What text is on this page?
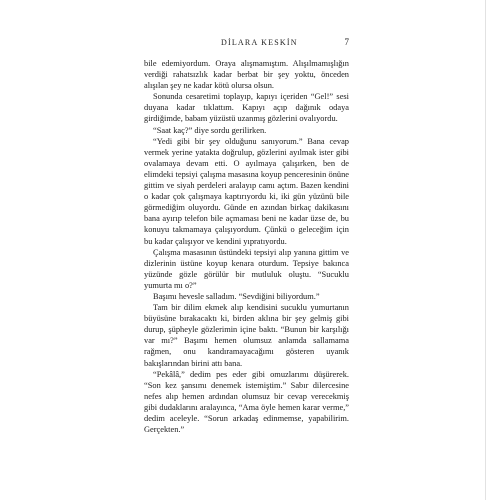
DİLARA KESKİN	7

bile edemiyordum. Oraya alışmamıştım. Alışılmamışlığın verdiği rahatsızlık kadar berbat bir şey yoktu, önceden alışılan şey ne kadar kötü olursa olsun.

Sonunda cesaretimi toplayıp, kapıyı içeriden “Gel!” sesi duyana kadar tıklattım. Kapıyı açıp dağınık odaya girdiğimde, babam yüzüstü uzanmış gözlerini ovalıyordu.

“Saat kaç?” diye sordu gerilirken.

“Yedi gibi bir şey olduğunu sanıyorum.” Bana cevap vermek yerine yatakta doğrulup, gözlerini ayılmak ister gibi ovalamaya devam etti. O ayılmaya çalışırken, ben de elimdeki tepsiyi çalışma masasına koyup penceresinin önüne gittim ve siyah perdeleri aralayıp camı açtım. Bazen kendini o kadar çok çalışmaya kaptırıyordu ki, iki gün yüzünü bile görmediğim oluyordu. Günde en azından birkaç dakikasını bana ayırıp telefon bile açmaması beni ne kadar üzse de, bu konuyu takmamaya çalışıyordum. Çünkü o geleceğim için bu kadar çalışıyor ve kendini yıpratıyordu.

Çalışma masasının üstündeki tepsiyi alıp yanına gittim ve dizlerinin üstüne koyup kenara oturdum. Tepsiye bakınca yüzünde gözle görülür bir mutluluk oluştu. “Sucuklu yumurta mı o?”

Başımı hevesle salladım. “Sevdiğini biliyordum.”

Tam bir dilim ekmek alıp kendisini sucuklu yumurtanın büyüsüne bırakacaktı ki, birden aklına bir şey gelmiş gibi durup, şüpheyle gözlerimin içine baktı. “Bunun bir karşılığı var mı?” Başımı hemen olumsuz anlamda sallamama rağmen, onu kandıramayacağımı gösteren uyanık bakışlarından birini attı bana.

“Pekâlâ,” dedim pes eder gibi omuzlarımı düşürerek. “Son kez şansımı denemek istemiştim.” Sabır dilercesine nefes alıp hemen ardından olumsuz bir cevap verecekmiş gibi dudaklarını aralayınca, “Ama öyle hemen karar verme,” dedim aceleyle. “Sorun arkadaş edinmemse, yapabilirim. Gerçekten.”
